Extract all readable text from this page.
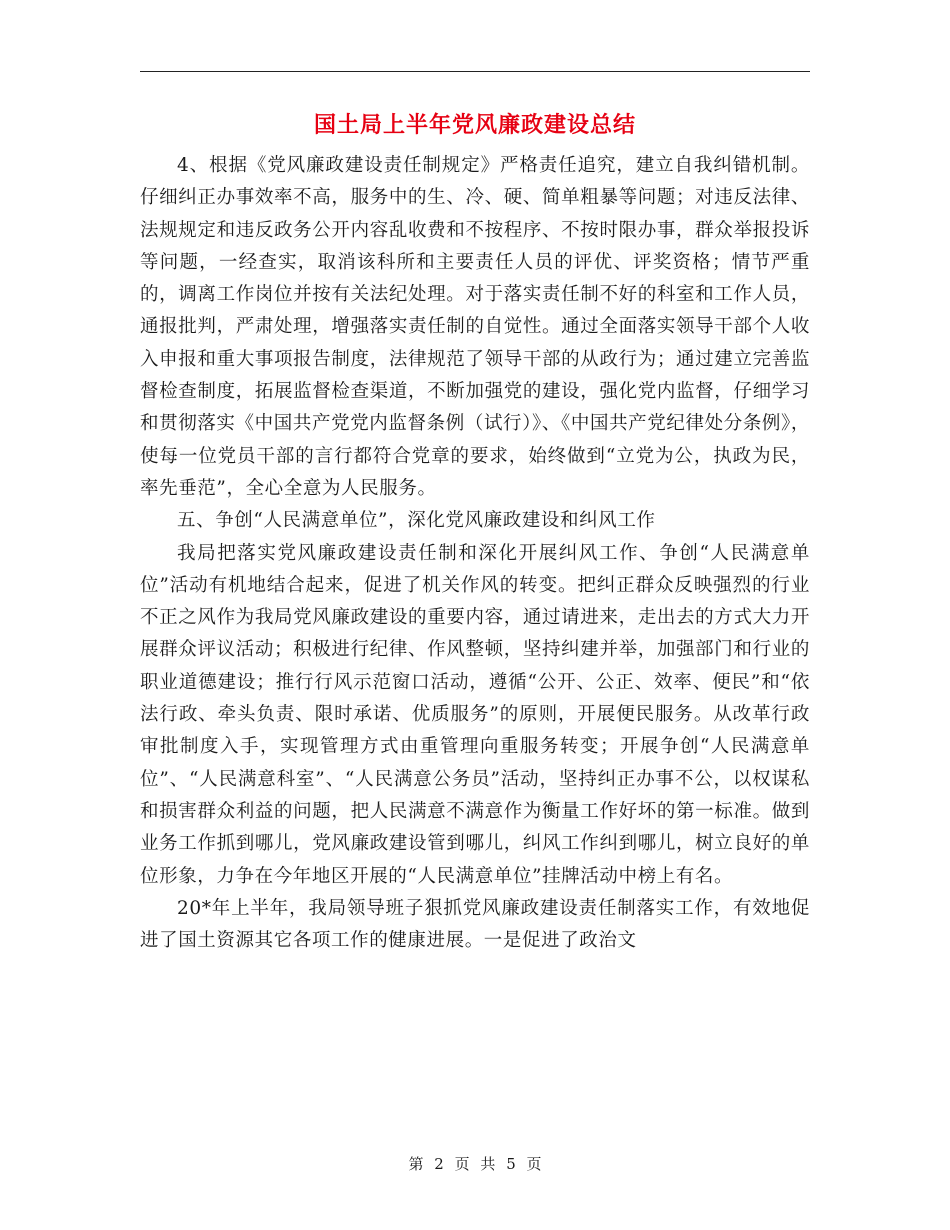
国土局上半年党风廉政建设总结

4、根据《党风廉政建设责任制规定》严格责任追究，建立自我纠错机制。仔细纠正办事效率不高，服务中的生、冷、硬、简单粗暴等问题；对违反法律、法规规定和违反政务公开内容乱收费和不按程序、不按时限办事，群众举报投诉等问题，一经查实，取消该科所和主要责任人员的评优、评奖资格；情节严重的，调离工作岗位并按有关法纪处理。对于落实责任制不好的科室和工作人员，通报批判，严肃处理，增强落实责任制的自觉性。通过全面落实领导干部个人收入申报和重大事项报告制度，法律规范了领导干部的从政行为；通过建立完善监督检查制度，拓展监督检查渠道，不断加强党的建设，强化党内监督，仔细学习和贯彻落实《中国共产党党内监督条例（试行）》、《中国共产党纪律处分条例》，使每一位党员干部的言行都符合党章的要求，始终做到“立党为公，执政为民，率先垂范”，全心全意为人民服务。

五、争创“人民满意单位”，深化党风廉政建设和纠风工作

我局把落实党风廉政建设责任制和深化开展纠风工作、争创“人民满意单位”活动有机地结合起来，促进了机关作风的转变。把纠正群众反映强烈的行业不正之风作为我局党风廉政建设的重要内容，通过请进来，走出去的方式大力开展群众评议活动；积极进行纪律、作风整顿，坚持纠建并举，加强部门和行业的职业道德建设；推行行风示范窗口活动，遵循“公开、公正、效率、便民”和“依法行政、牵头负责、限时承诺、优质服务”的原则，开展便民服务。从改革行政审批制度入手，实现管理方式由重管理向重服务转变；开展争创“人民满意单位”、“人民满意科室”、“人民满意公务员”活动，坚持纠正办事不公，以权谋私和损害群众利益的问题，把人民满意不满意作为衡量工作好坏的第一标准。做到业务工作抓到哪儿，党风廉政建设管到哪儿，纠风工作纠到哪儿，树立良好的单位形象，力争在今年地区开展的“人民满意单位”挂牌活动中榜上有名。

20*年上半年，我局领导班子狠抓党风廉政建设责任制落实工作，有效地促进了国土资源其它各项工作的健康进展。一是促进了政治文

第 2 页 共 5 页
